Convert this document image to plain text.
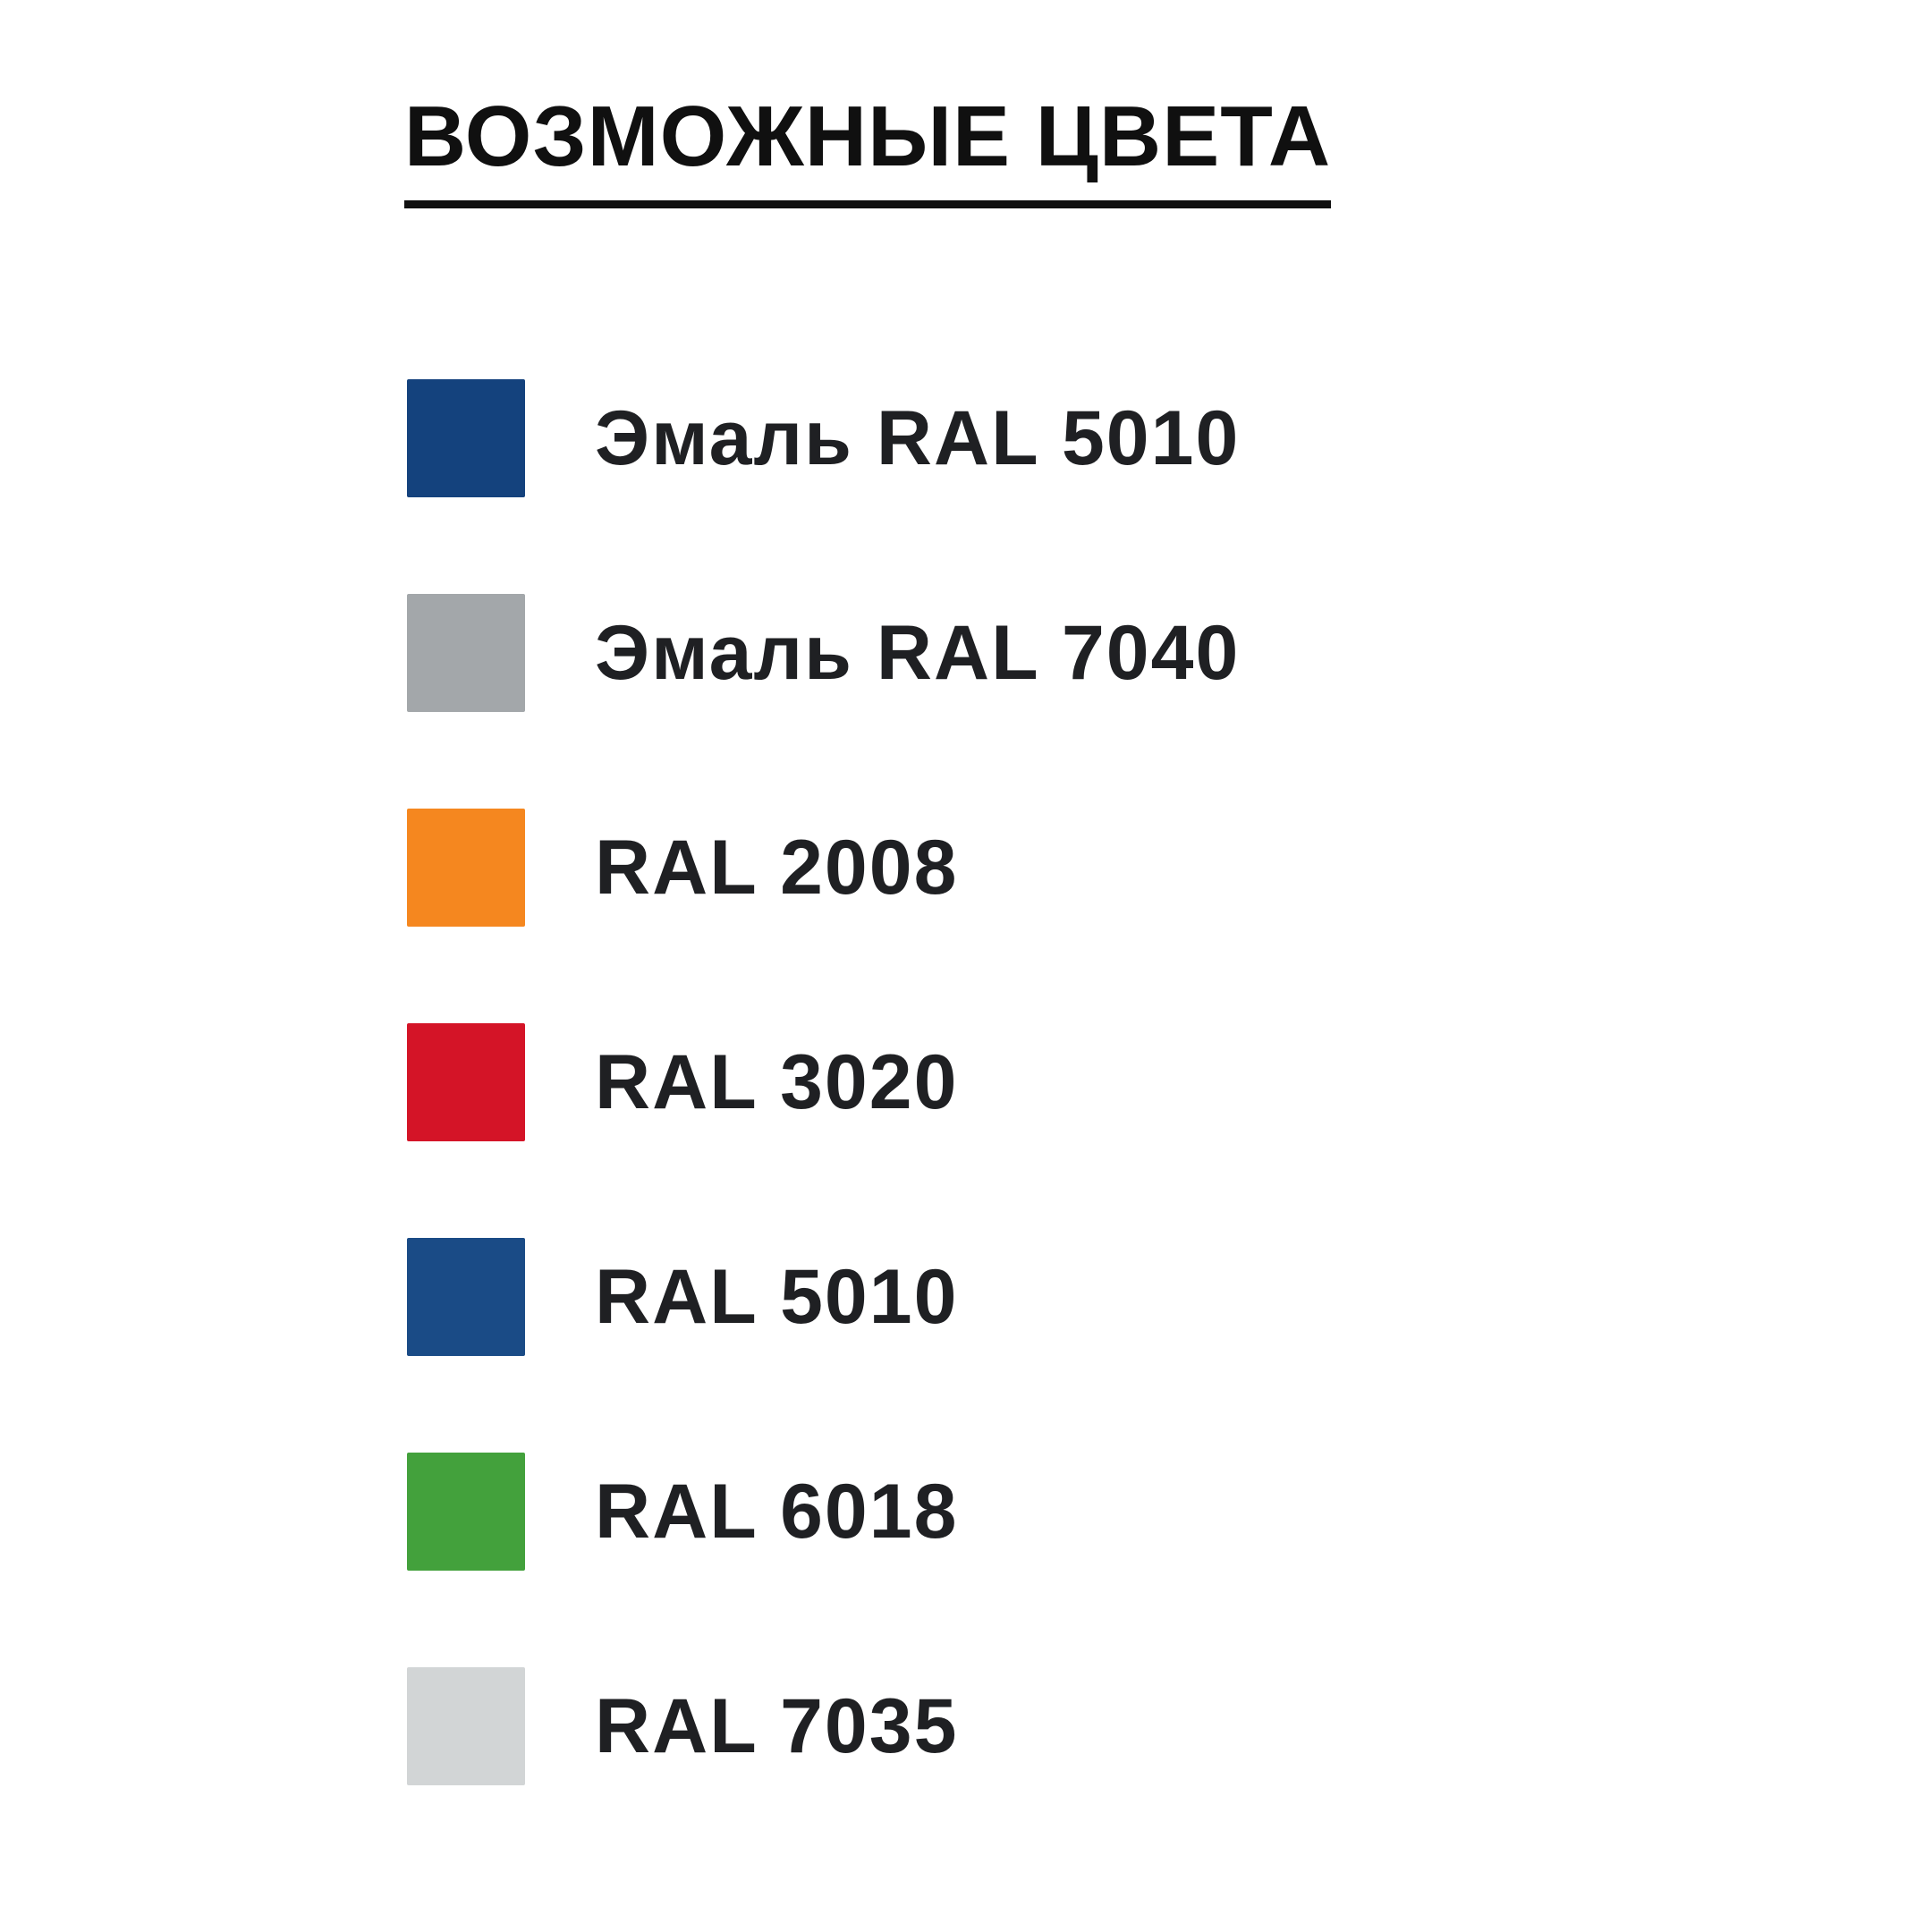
ВОЗМОЖНЫЕ ЦВЕТА
Эмаль RAL 5010
Эмаль RAL 7040
RAL 2008
RAL 3020
RAL 5010
RAL 6018
RAL 7035
